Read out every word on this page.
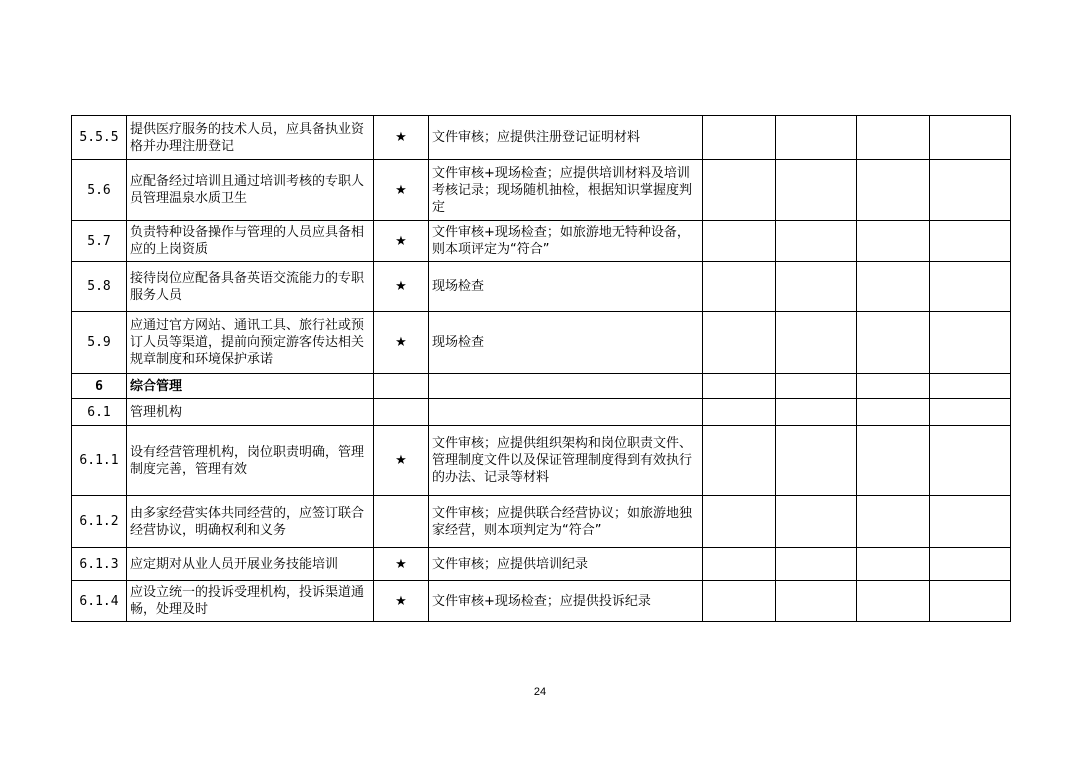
5.5.5	提供医疗服务的技术人员，应具备执业资格并办理注册登记	★	文件审核；应提供注册登记证明材料				
5.6	应配备经过培训且通过培训考核的专职人员管理温泉水质卫生	★	文件审核+现场检查；应提供培训材料及培训考核记录；现场随机抽检，根据知识掌握度判定				
5.7	负责特种设备操作与管理的人员应具备相应的上岗资质	★	文件审核+现场检查；如旅游地无特种设备，则本项评定为“符合”				
5.8	接待岗位应配备具备英语交流能力的专职服务人员	★	现场检查				
5.9	应通过官方网站、通讯工具、旅行社或预订人员等渠道，提前向预定游客传达相关规章制度和环境保护承诺	★	现场检查				
6	综合管理						
6.1	管理机构						
6.1.1	设有经营管理机构，岗位职责明确，管理制度完善，管理有效	★	文件审核；应提供组织架构和岗位职责文件、管理制度文件以及保证管理制度得到有效执行的办法、记录等材料				
6.1.2	由多家经营实体共同经营的，应签订联合经营协议，明确权利和义务		文件审核；应提供联合经营协议；如旅游地独家经营，则本项判定为“符合”				
6.1.3	应定期对从业人员开展业务技能培训	★	文件审核；应提供培训纪录				
6.1.4	应设立统一的投诉受理机构，投诉渠道通畅，处理及时	★	文件审核+现场检查；应提供投诉纪录				
24
